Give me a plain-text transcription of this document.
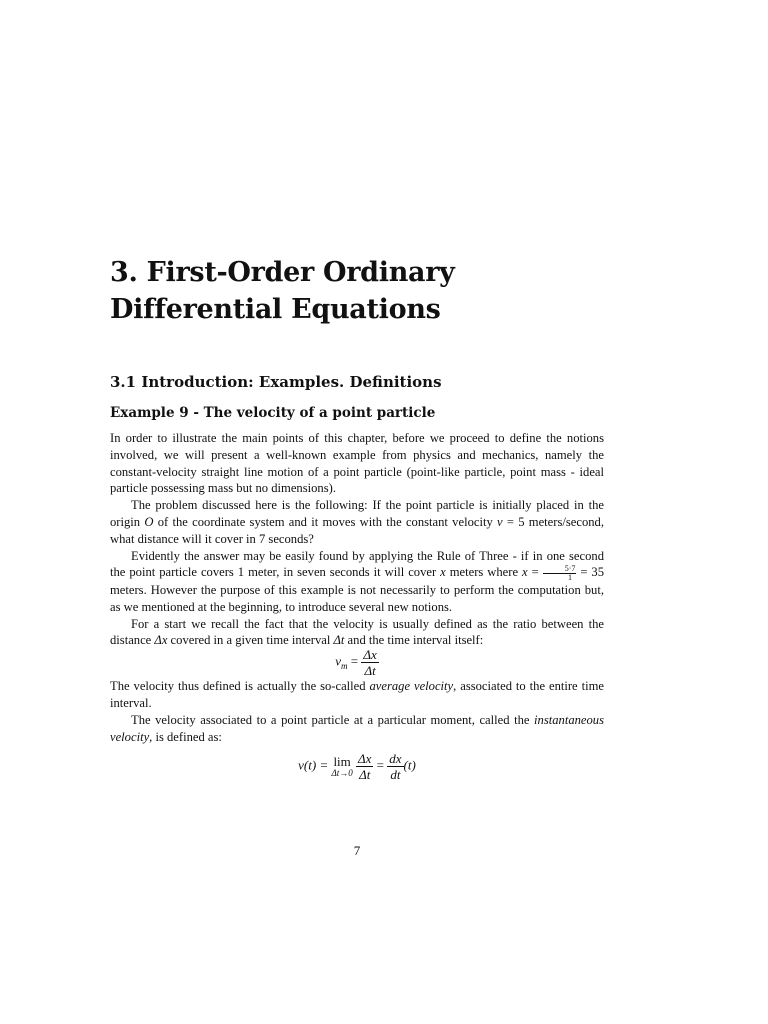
3. First-Order Ordinary
Differential Equations
3.1 Introduction: Examples. Definitions
Example 9 - The velocity of a point particle

In order to illustrate the main points of this chapter, before we proceed to define the notions involved, we will present a well-known example from physics and mechanics, namely the constant-velocity straight line motion of a point particle (point-like particle, point mass - ideal particle possessing mass but no dimensions).

The problem discussed here is the following: If the point particle is initially placed in the origin O of the coordinate system and it moves with the constant velocity v = 5 meters/second, what distance will it cover in 7 seconds?

Evidently the answer may be easily found by applying the Rule of Three - if in one second the point particle covers 1 meter, in seven seconds it will cover x meters where $x = \frac{5\cdot 7}{1} = 35$ meters. However the purpose of this example is not necessarily to perform the computation but, as we mentioned at the beginning, to introduce several new notions.

For a start we recall the fact that the velocity is usually defined as the ratio between the distance Δx covered in a given time interval Δt and the time interval itself:

$v_m = \frac{\Delta x}{\Delta t}$

The velocity thus defined is actually the so-called average velocity, associated to the entire time interval.

The velocity associated to a point particle at a particular moment, called the instantaneous velocity, is defined as:

v(t) = lim
Δt→0
$\frac{\Delta x}{\Delta t} = \frac{dx}{dt} (t)$
7
